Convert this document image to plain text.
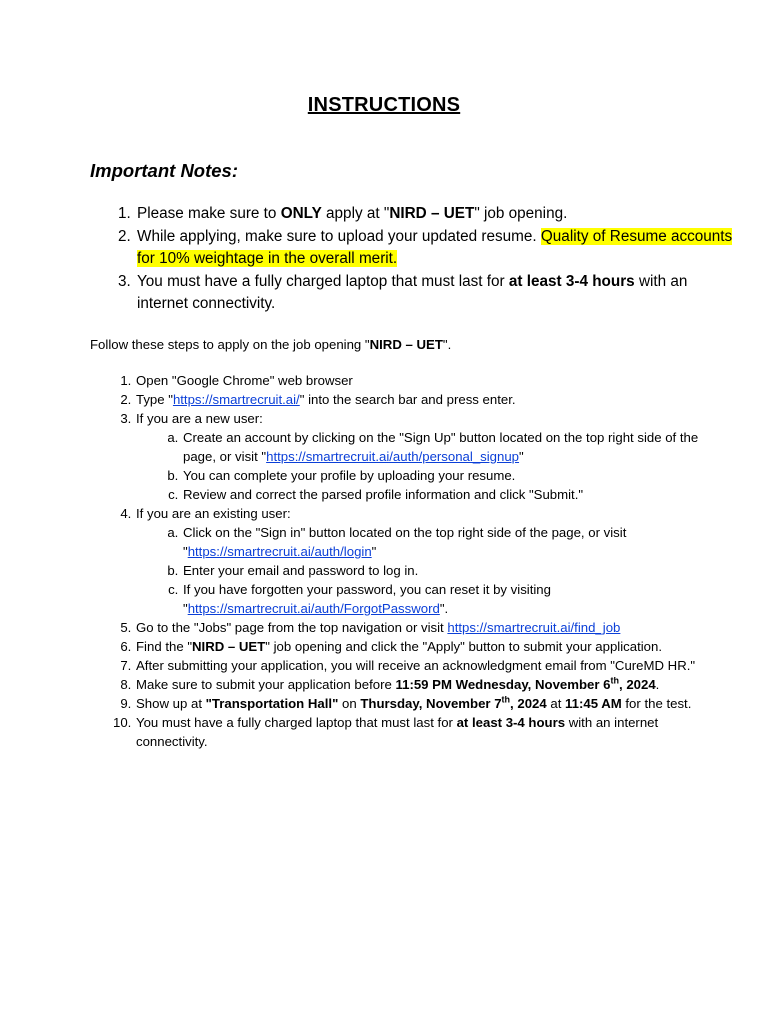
INSTRUCTIONS
Important Notes:
1. Please make sure to ONLY apply at "NIRD – UET" job opening.
2. While applying, make sure to upload your updated resume. Quality of Resume accounts for 10% weightage in the overall merit.
3. You must have a fully charged laptop that must last for at least 3-4 hours with an internet connectivity.
Follow these steps to apply on the job opening "NIRD – UET".
1. Open "Google Chrome" web browser
2. Type "https://smartrecruit.ai/" into the search bar and press enter.
3. If you are a new user:
a. Create an account by clicking on the "Sign Up" button located on the top right side of the page, or visit "https://smartrecruit.ai/auth/personal_signup"
b. You can complete your profile by uploading your resume.
c. Review and correct the parsed profile information and click "Submit."
4. If you are an existing user:
a. Click on the "Sign in" button located on the top right side of the page, or visit "https://smartrecruit.ai/auth/login"
b. Enter your email and password to log in.
c. If you have forgotten your password, you can reset it by visiting "https://smartrecruit.ai/auth/ForgotPassword".
5. Go to the "Jobs" page from the top navigation or visit https://smartrecruit.ai/find_job
6. Find the "NIRD – UET" job opening and click the "Apply" button to submit your application.
7. After submitting your application, you will receive an acknowledgment email from "CureMD HR."
8. Make sure to submit your application before 11:59 PM Wednesday, November 6th, 2024.
9. Show up at "Transportation Hall" on Thursday, November 7th, 2024 at 11:45 AM for the test.
10. You must have a fully charged laptop that must last for at least 3-4 hours with an internet connectivity.
